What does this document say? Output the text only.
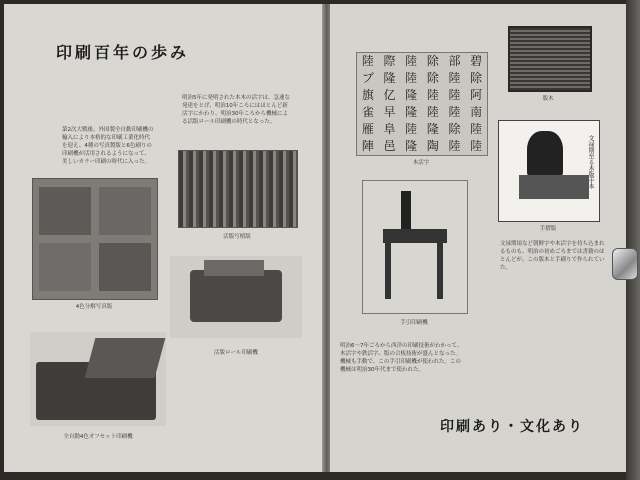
印刷百年の歩み
第2次大戦後、外国製全自動印刷機の輸入により本格的な印刷工業化時代を迎え、4種の写真製版と6色刷りの印刷機が活用されるようになって、美しいカラー印刷の時代に入った。
明治5年に発明された本木の活字は、急速な発達をとげ、明治10年ころにはほとんど新活字にかわり、明治30年ころから機械による活版ロール印刷機の時代となった。
4色分解写真版
活版写植版
活版ロール印刷機
全自動4色オフセット印刷機
陸 際 陸 除 部 碧
ブ 隆 陸 除 陸 除
旗 亿 隆 陸 陸 阿
雀 早 隆 陸 陸 南
雁 阜 陸 隆 除 陸
陣 邑 隆 陶 陸 陸
木活字
版木
文禄期至る木版手本
手摺版
文禄期頃など朝鮮字や木活字を持ち込まれるものも、明治の初めごろまでは書籍のほとんどが、この版木と手刷りで作られていた。
手引印刷機
明治6〜7年ごろから西洋の印刷技術がわかって、木活字や鉄活字、版の合板技術が盛んとなった。機械も手動で、この手引印刷機が使われた。この機械は明治30年代まで使われた。
印刷あり・文化あり
